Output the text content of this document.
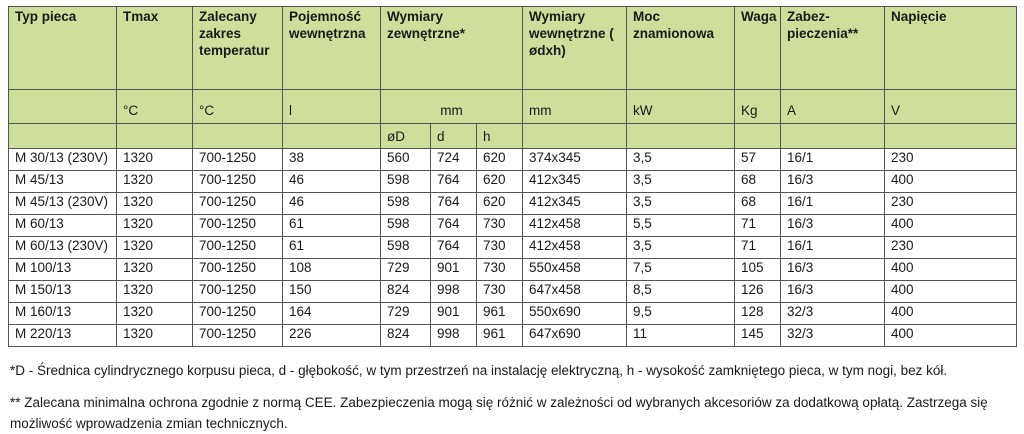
Typ pieca	Tmax	Zalecany zakres temperatur	Pojemność wewnętrzna	Wymiary zewnętrzne*			Wymiary wewnętrzne ( ødxh)	Moc znamionowa	Waga	Zabez-pieczenia**	Napięcie

	°C	°C	l	mm			mm	kW	Kg	A	V
				øD	d	h					
M 30/13 (230V)	1320	700-1250	38	560	724	620	374x345	3,5	57	16/1	230
M 45/13	1320	700-1250	46	598	764	620	412x345	3,5	68	16/3	400
M 45/13 (230V)	1320	700-1250	46	598	764	620	412x345	3,5	68	16/1	230
M 60/13	1320	700-1250	61	598	764	730	412x458	5,5	71	16/3	400
M 60/13 (230V)	1320	700-1250	61	598	764	730	412x458	3,5	71	16/1	230
M 100/13	1320	700-1250	108	729	901	730	550x458	7,5	105	16/3	400
M 150/13	1320	700-1250	150	824	998	730	647x458	8,5	126	16/3	400
M 160/13	1320	700-1250	164	729	901	961	550x690	9,5	128	32/3	400
M 220/13	1320	700-1250	226	824	998	961	647x690	11	145	32/3	400

*D - Średnica cylindrycznego korpusu pieca, d - głębokość, w tym przestrzeń na instalację elektryczną, h - wysokość zamkniętego pieca, w tym nogi, bez kół.

** Zalecana minimalna ochrona zgodnie z normą CEE. Zabezpieczenia mogą się różnić w zależności od wybranych akcesoriów za dodatkową opłatą. Zastrzega się możliwość wprowadzenia zmian technicznych.
